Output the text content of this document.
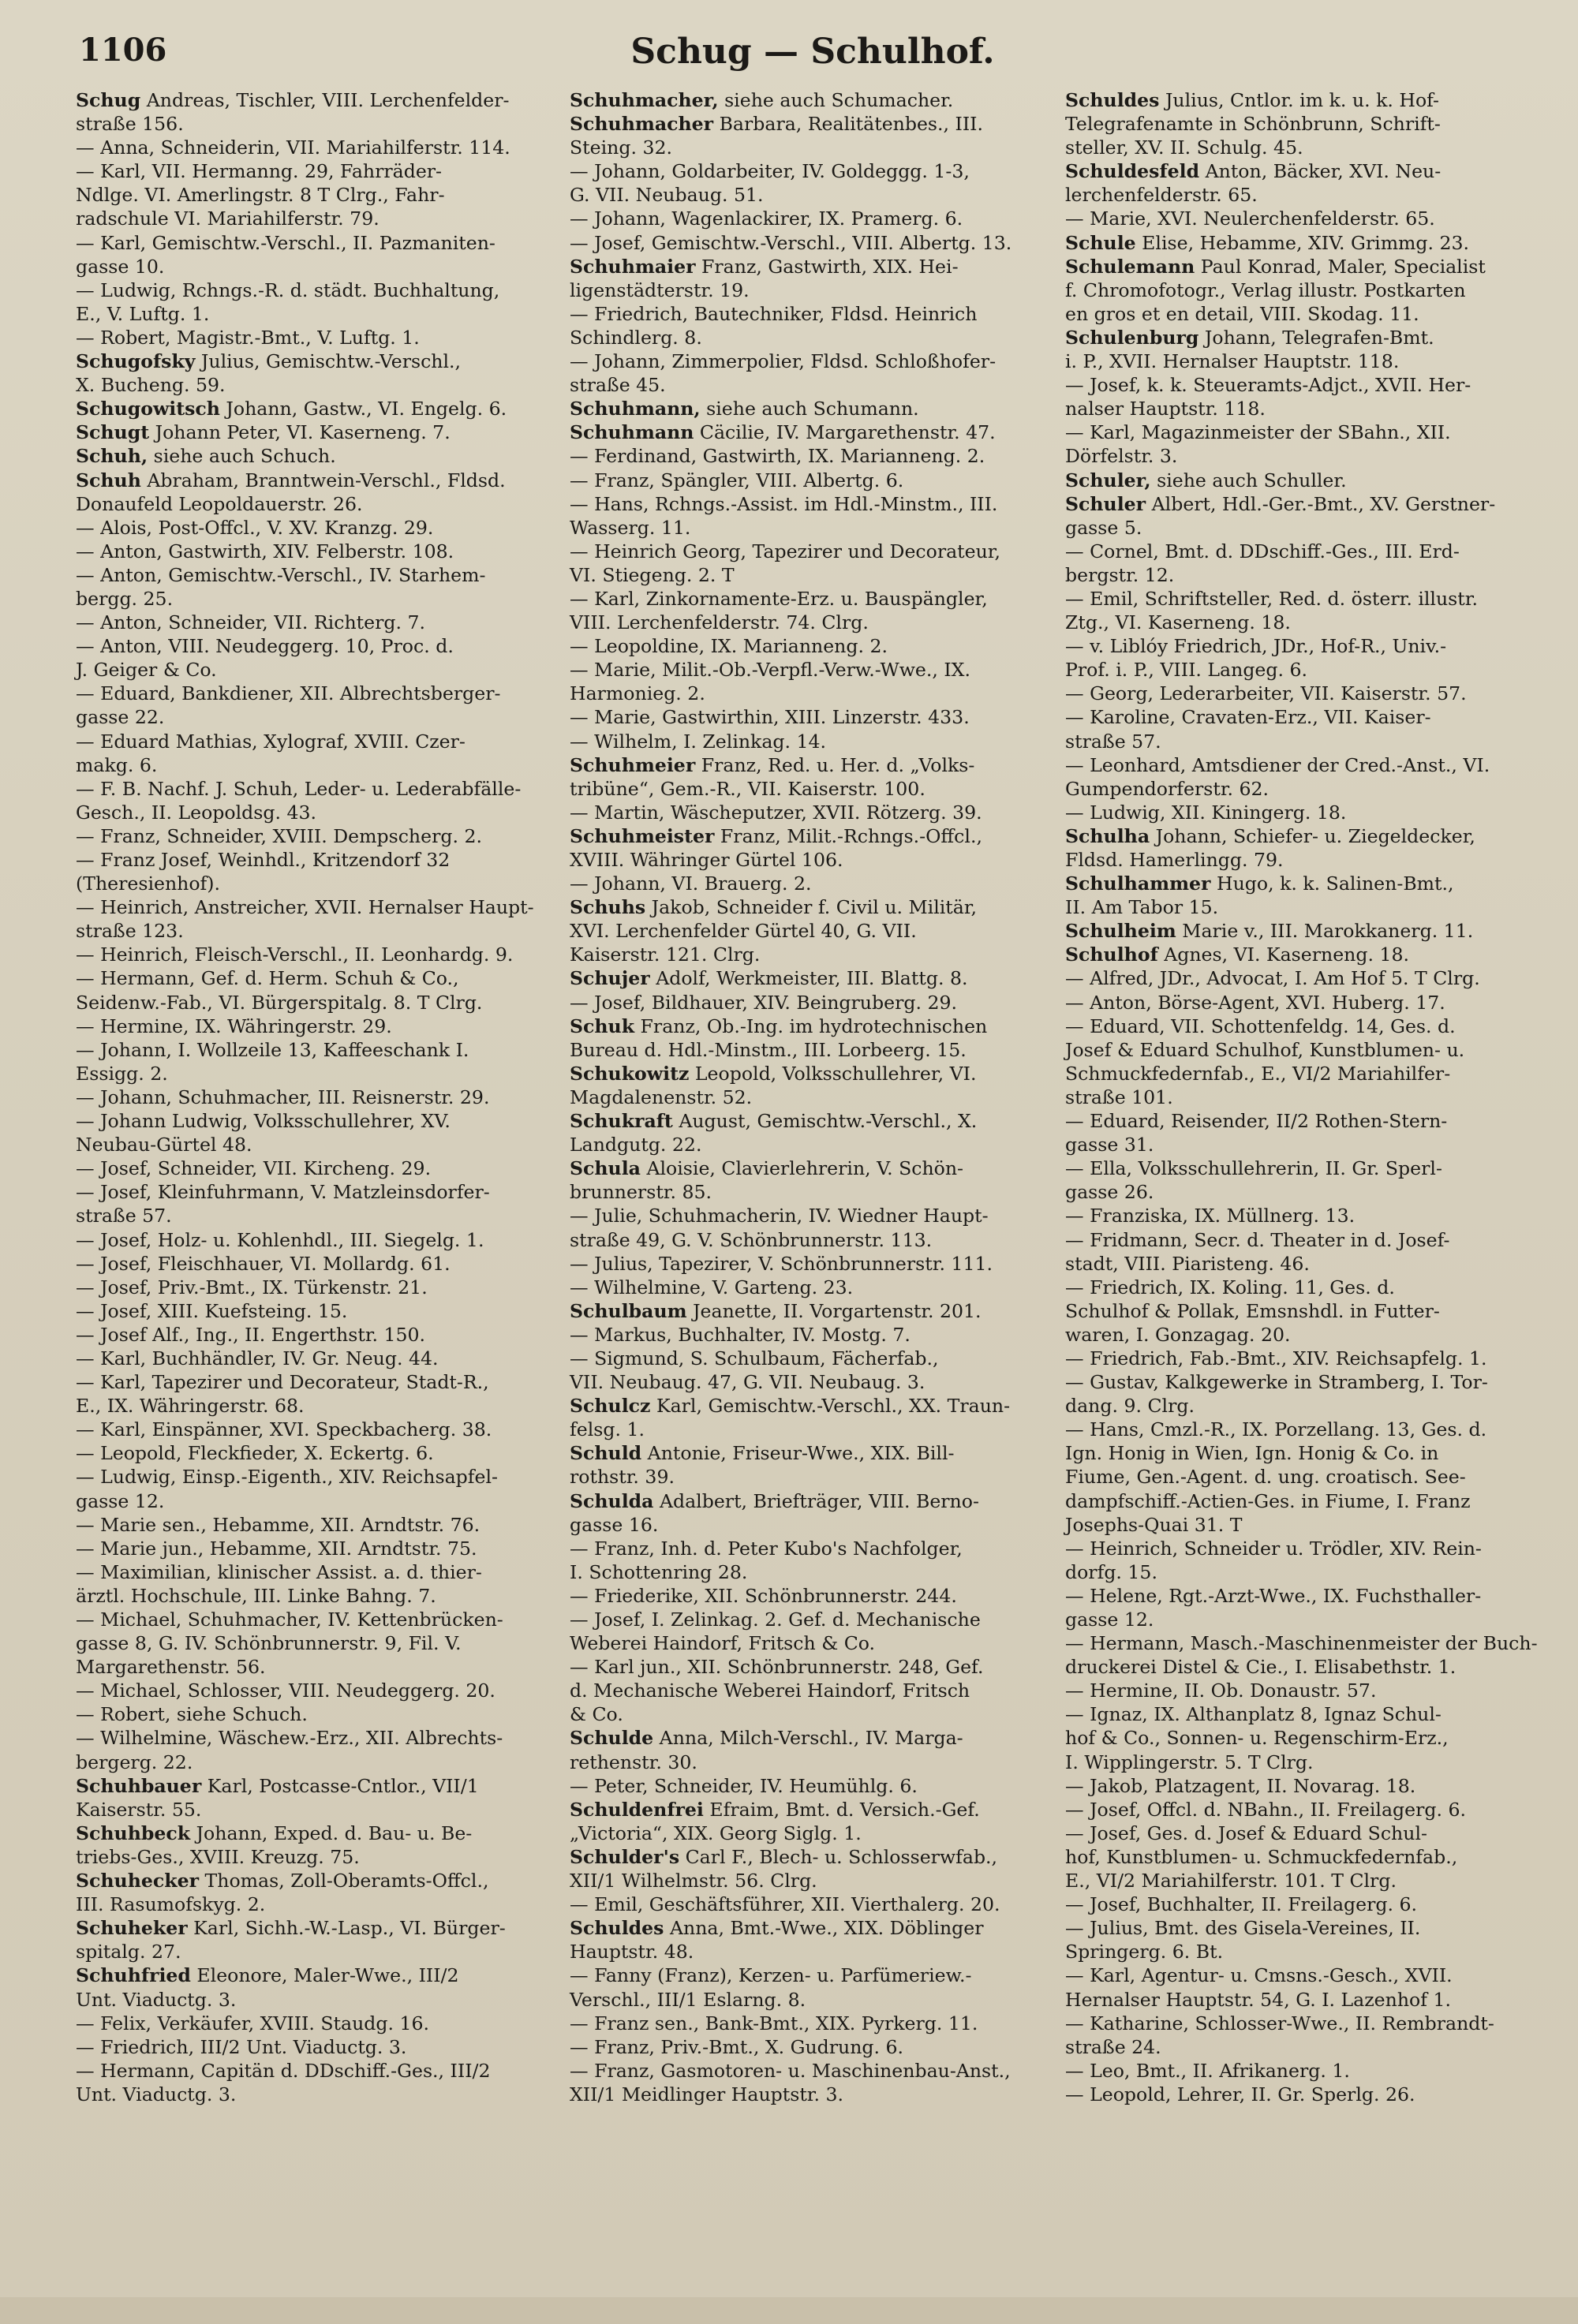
1106	Schug — Schulhof.
Schug Andreas, Tischler, VIII. Lerchenfelder-
straße 156.
— Anna, Schneiderin, VII. Mariahilferstr. 114.
— Karl, VII. Hermanng. 29, Fahrräder-
Ndlge. VI. Amerlingstr. 8 T Clrg., Fahr-
radschule VI. Mariahilferstr. 79.
— Karl, Gemischtw.-Verschl., II. Pazmaniten-
gasse 10.
— Ludwig, Rchngs.-R. d. städt. Buchhaltung,
E., V. Luftg. 1.
— Robert, Magistr.-Bmt., V. Luftg. 1.
Schugofsky Julius, Gemischtw.-Verschl.,
X. Bucheng. 59.
Schugowitsch Johann, Gastw., VI. Engelg. 6.
Schugt Johann Peter, VI. Kaserneng. 7.
Schuh, siehe auch Schuch.
Schuh Abraham, Branntwein-Verschl., Fldsd.
Donaufeld Leopoldauerstr. 26.
— Alois, Post-Offcl., V. XV. Kranzg. 29.
— Anton, Gastwirth, XIV. Felberstr. 108.
— Anton, Gemischtw.-Verschl., IV. Starhem-
bergg. 25.
— Anton, Schneider, VII. Richterg. 7.
— Anton, VIII. Neudeggerg. 10, Proc. d.
J. Geiger & Co.
— Eduard, Bankdiener, XII. Albrechtsberger-
gasse 22.
— Eduard Mathias, Xylograf, XVIII. Czer-
makg. 6.
— F. B. Nachf. J. Schuh, Leder- u. Lederabfälle-
Gesch., II. Leopoldsg. 43.
— Franz, Schneider, XVIII. Dempscherg. 2.
— Franz Josef, Weinhdl., Kritzendorf 32
(Theresienhof).
— Heinrich, Anstreicher, XVII. Hernalser Haupt-
straße 123.
— Heinrich, Fleisch-Verschl., II. Leonhardg. 9.
— Hermann, Gef. d. Herm. Schuh & Co.,
Seidenw.-Fab., VI. Bürgerspitalg. 8. T Clrg.
— Hermine, IX. Währingerstr. 29.
— Johann, I. Wollzeile 13, Kaffeeschank I.
Essigg. 2.
— Johann, Schuhmacher, III. Reisnerstr. 29.
— Johann Ludwig, Volksschullehrer, XV.
Neubau-Gürtel 48.
— Josef, Schneider, VII. Kircheng. 29.
— Josef, Kleinfuhrmann, V. Matzleinsdorfer-
straße 57.
— Josef, Holz- u. Kohlenhdl., III. Siegelg. 1.
— Josef, Fleischhauer, VI. Mollardg. 61.
— Josef, Priv.-Bmt., IX. Türkenstr. 21.
— Josef, XIII. Kuefsteing. 15.
— Josef Alf., Ing., II. Engerthstr. 150.
— Karl, Buchhändler, IV. Gr. Neug. 44.
— Karl, Tapezirer und Decorateur, Stadt-R.,
E., IX. Währingerstr. 68.
— Karl, Einspänner, XVI. Speckbacherg. 38.
— Leopold, Fleckfieder, X. Eckertg. 6.
— Ludwig, Einsp.-Eigenth., XIV. Reichsapfel-
gasse 12.
— Marie sen., Hebamme, XII. Arndtstr. 76.
— Marie jun., Hebamme, XII. Arndtstr. 75.
— Maximilian, klinischer Assist. a. d. thier-
ärztl. Hochschule, III. Linke Bahng. 7.
— Michael, Schuhmacher, IV. Kettenbrücken-
gasse 8, G. IV. Schönbrunnerstr. 9, Fil. V.
Margarethenstr. 56.
— Michael, Schlosser, VIII. Neudeggerg. 20.
— Robert, siehe Schuch.
— Wilhelmine, Wäschew.-Erz., XII. Albrechts-
bergerg. 22.
Schuhbauer Karl, Postcasse-Cntlor., VII/1
Kaiserstr. 55.
Schuhbeck Johann, Exped. d. Bau- u. Be-
triebs-Ges., XVIII. Kreuzg. 75.
Schuhecker Thomas, Zoll-Oberamts-Offcl.,
III. Rasumofskyg. 2.
Schuheker Karl, Sichh.-W.-Lasp., VI. Bürger-
spitalg. 27.
Schuhfried Eleonore, Maler-Wwe., III/2
Unt. Viaductg. 3.
— Felix, Verkäufer, XVIII. Staudg. 16.
— Friedrich, III/2 Unt. Viaductg. 3.
— Hermann, Capitän d. DDschiff.-Ges., III/2
Unt. Viaductg. 3.
Schuhmacher, siehe auch Schumacher.
Schuhmacher Barbara, Realitätenbes., III.
Steing. 32.
— Johann, Goldarbeiter, IV. Goldeggg. 1-3,
G. VII. Neubaug. 51.
— Johann, Wagenlackirer, IX. Pramerg. 6.
— Josef, Gemischtw.-Verschl., VIII. Albertg. 13.
Schuhmaier Franz, Gastwirth, XIX. Hei-
ligenstädterstr. 19.
— Friedrich, Bautechniker, Fldsd. Heinrich
Schindlerg. 8.
— Johann, Zimmerpolier, Fldsd. Schloßhofer-
straße 45.
Schuhmann, siehe auch Schumann.
Schuhmann Cäcilie, IV. Margarethenstr. 47.
— Ferdinand, Gastwirth, IX. Marianneng. 2.
— Franz, Spängler, VIII. Albertg. 6.
— Hans, Rchngs.-Assist. im Hdl.-Minstm., III.
Wasserg. 11.
— Heinrich Georg, Tapezirer und Decorateur,
VI. Stiegeng. 2. T
— Karl, Zinkornamente-Erz. u. Bauspängler,
VIII. Lerchenfelderstr. 74. Clrg.
— Leopoldine, IX. Marianneng. 2.
— Marie, Milit.-Ob.-Verpfl.-Verw.-Wwe., IX.
Harmonieg. 2.
— Marie, Gastwirthin, XIII. Linzerstr. 433.
— Wilhelm, I. Zelinkag. 14.
Schuhmeier Franz, Red. u. Her. d. „Volks-
tribüne“, Gem.-R., VII. Kaiserstr. 100.
— Martin, Wäscheputzer, XVII. Rötzerg. 39.
Schuhmeister Franz, Milit.-Rchngs.-Offcl.,
XVIII. Währinger Gürtel 106.
— Johann, VI. Brauerg. 2.
Schuhs Jakob, Schneider f. Civil u. Militär,
XVI. Lerchenfelder Gürtel 40, G. VII.
Kaiserstr. 121. Clrg.
Schujer Adolf, Werkmeister, III. Blattg. 8.
— Josef, Bildhauer, XIV. Beingruberg. 29.
Schuk Franz, Ob.-Ing. im hydrotechnischen
Bureau d. Hdl.-Minstm., III. Lorbeerg. 15.
Schukowitz Leopold, Volksschullehrer, VI.
Magdalenenstr. 52.
Schukraft August, Gemischtw.-Verschl., X.
Landgutg. 22.
Schula Aloisie, Clavierlehrerin, V. Schön-
brunnerstr. 85.
— Julie, Schuhmacherin, IV. Wiedner Haupt-
straße 49, G. V. Schönbrunnerstr. 113.
— Julius, Tapezirer, V. Schönbrunnerstr. 111.
— Wilhelmine, V. Garteng. 23.
Schulbaum Jeanette, II. Vorgartenstr. 201.
— Markus, Buchhalter, IV. Mostg. 7.
— Sigmund, S. Schulbaum, Fächerfab.,
VII. Neubaug. 47, G. VII. Neubaug. 3.
Schulcz Karl, Gemischtw.-Verschl., XX. Traun-
felsg. 1.
Schuld Antonie, Friseur-Wwe., XIX. Bill-
rothstr. 39.
Schulda Adalbert, Briefträger, VIII. Berno-
gasse 16.
— Franz, Inh. d. Peter Kubo's Nachfolger,
I. Schottenring 28.
— Friederike, XII. Schönbrunnerstr. 244.
— Josef, I. Zelinkag. 2. Gef. d. Mechanische
Weberei Haindorf, Fritsch & Co.
— Karl jun., XII. Schönbrunnerstr. 248, Gef.
d. Mechanische Weberei Haindorf, Fritsch
& Co.
Schulde Anna, Milch-Verschl., IV. Marga-
rethenstr. 30.
— Peter, Schneider, IV. Heumühlg. 6.
Schuldenfrei Efraim, Bmt. d. Versich.-Gef.
„Victoria“, XIX. Georg Siglg. 1.
Schulder's Carl F., Blech- u. Schlosserwfab.,
XII/1 Wilhelmstr. 56. Clrg.
— Emil, Geschäftsführer, XII. Vierthalerg. 20.
Schuldes Anna, Bmt.-Wwe., XIX. Döblinger
Hauptstr. 48.
— Fanny (Franz), Kerzen- u. Parfümeriew.-
Verschl., III/1 Eslarng. 8.
— Franz sen., Bank-Bmt., XIX. Pyrkerg. 11.
— Franz, Priv.-Bmt., X. Gudrung. 6.
— Franz, Gasmotoren- u. Maschinenbau-Anst.,
XII/1 Meidlinger Hauptstr. 3.
Schuldes Julius, Cntlor. im k. u. k. Hof-
Telegrafenamte in Schönbrunn, Schrift-
steller, XV. II. Schulg. 45.
Schuldesfeld Anton, Bäcker, XVI. Neu-
lerchenfelderstr. 65.
— Marie, XVI. Neulerchenfelderstr. 65.
Schule Elise, Hebamme, XIV. Grimmg. 23.
Schulemann Paul Konrad, Maler, Specialist
f. Chromofotogr., Verlag illustr. Postkarten
en gros et en detail, VIII. Skodag. 11.
Schulenburg Johann, Telegrafen-Bmt.
i. P., XVII. Hernalser Hauptstr. 118.
— Josef, k. k. Steueramts-Adjct., XVII. Her-
nalser Hauptstr. 118.
— Karl, Magazinmeister der SBahn., XII.
Dörfelstr. 3.
Schuler, siehe auch Schuller.
Schuler Albert, Hdl.-Ger.-Bmt., XV. Gerstner-
gasse 5.
— Cornel, Bmt. d. DDschiff.-Ges., III. Erd-
bergstr. 12.
— Emil, Schriftsteller, Red. d. österr. illustr.
Ztg., VI. Kaserneng. 18.
— v. Liblóy Friedrich, JDr., Hof-R., Univ.-
Prof. i. P., VIII. Langeg. 6.
— Georg, Lederarbeiter, VII. Kaiserstr. 57.
— Karoline, Cravaten-Erz., VII. Kaiser-
straße 57.
— Leonhard, Amtsdiener der Cred.-Anst., VI.
Gumpendorferstr. 62.
— Ludwig, XII. Kiningerg. 18.
Schulha Johann, Schiefer- u. Ziegeldecker,
Fldsd. Hamerlingg. 79.
Schulhammer Hugo, k. k. Salinen-Bmt.,
II. Am Tabor 15.
Schulheim Marie v., III. Marokkanerg. 11.
Schulhof Agnes, VI. Kaserneng. 18.
— Alfred, JDr., Advocat, I. Am Hof 5. T Clrg.
— Anton, Börse-Agent, XVI. Huberg. 17.
— Eduard, VII. Schottenfeldg. 14, Ges. d.
Josef & Eduard Schulhof, Kunstblumen- u.
Schmuckfedernfab., E., VI/2 Mariahilfer-
straße 101.
— Eduard, Reisender, II/2 Rothen-Stern-
gasse 31.
— Ella, Volksschullehrerin, II. Gr. Sperl-
gasse 26.
— Franziska, IX. Müllnerg. 13.
— Fridmann, Secr. d. Theater in d. Josef-
stadt, VIII. Piaristeng. 46.
— Friedrich, IX. Koling. 11, Ges. d.
Schulhof & Pollak, Emsnshdl. in Futter-
waren, I. Gonzagag. 20.
— Friedrich, Fab.-Bmt., XIV. Reichsapfelg. 1.
— Gustav, Kalkgewerke in Stramberg, I. Tor-
dang. 9. Clrg.
— Hans, Cmzl.-R., IX. Porzellang. 13, Ges. d.
Ign. Honig in Wien, Ign. Honig & Co. in
Fiume, Gen.-Agent. d. ung. croatisch. See-
dampfschiff.-Actien-Ges. in Fiume, I. Franz
Josephs-Quai 31. T
— Heinrich, Schneider u. Trödler, XIV. Rein-
dorfg. 15.
— Helene, Rgt.-Arzt-Wwe., IX. Fuchsthaller-
gasse 12.
— Hermann, Masch.-Maschinenmeister der Buch-
druckerei Distel & Cie., I. Elisabethstr. 1.
— Hermine, II. Ob. Donaustr. 57.
— Ignaz, IX. Althanplatz 8, Ignaz Schul-
hof & Co., Sonnen- u. Regenschirm-Erz.,
I. Wipplingerstr. 5. T Clrg.
— Jakob, Platzagent, II. Novarag. 18.
— Josef, Offcl. d. NBahn., II. Freilagerg. 6.
— Josef, Ges. d. Josef & Eduard Schul-
hof, Kunstblumen- u. Schmuckfedernfab.,
E., VI/2 Mariahilferstr. 101. T Clrg.
— Josef, Buchhalter, II. Freilagerg. 6.
— Julius, Bmt. des Gisela-Vereines, II.
Springerg. 6. Bt.
— Karl, Agentur- u. Cmsns.-Gesch., XVII.
Hernalser Hauptstr. 54, G. I. Lazenhof 1.
— Katharine, Schlosser-Wwe., II. Rembrandt-
straße 24.
— Leo, Bmt., II. Afrikanerg. 1.
— Leopold, Lehrer, II. Gr. Sperlg. 26.
